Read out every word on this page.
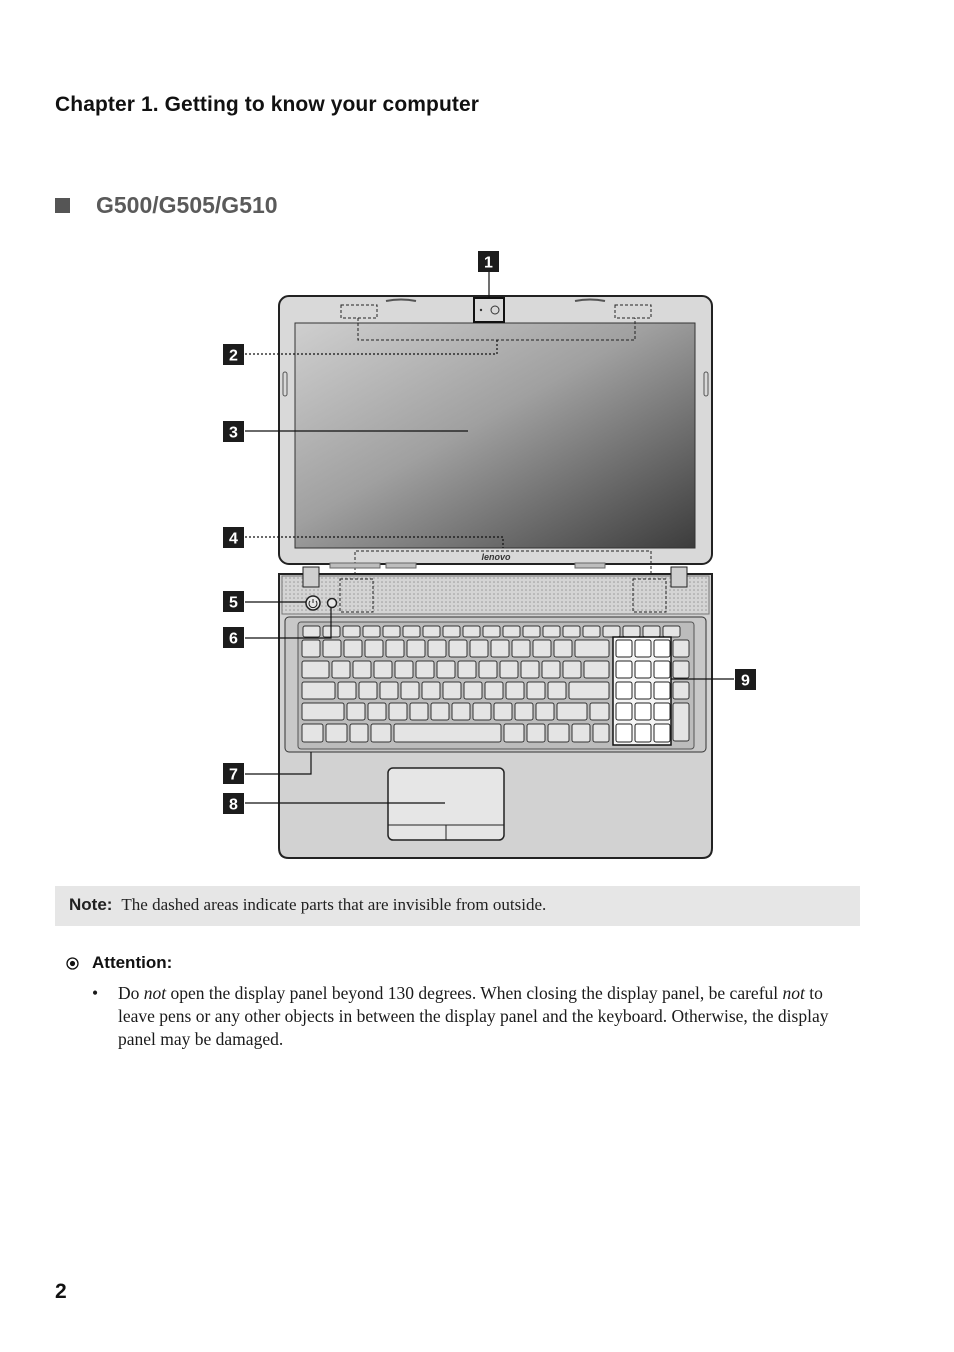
Chapter 1. Getting to know your computer
G500/G505/G510
lenovo
1
2
3
4
5
6
7
8
9
Note: The dashed areas indicate parts that are invisible from outside.
Attention:
• Do not open the display panel beyond 130 degrees. When closing the display panel, be careful not to leave pens or any other objects in between the display panel and the keyboard. Otherwise, the display panel may be damaged.
2
